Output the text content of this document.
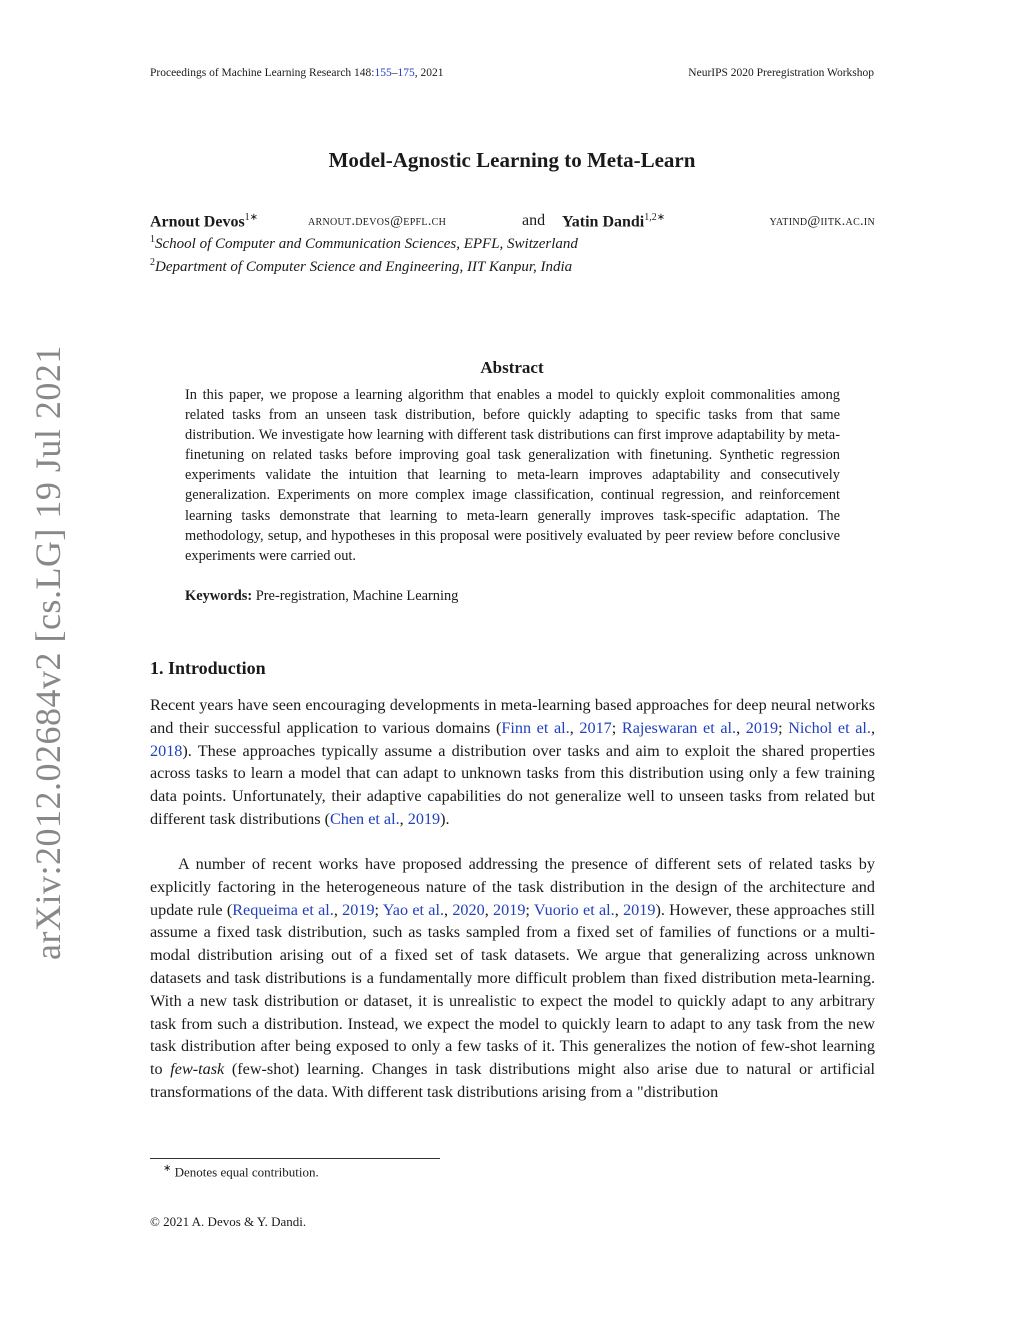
Proceedings of Machine Learning Research 148:155–175, 2021	NeurIPS 2020 Preregistration Workshop
arXiv:2012.02684v2 [cs.LG] 19 Jul 2021
Model-Agnostic Learning to Meta-Learn
Arnout Devos$^{1∗}$	arnout.devos@epfl.ch	and Yatin Dandi$^{1,2∗}$	yatind@iitk.ac.in
$^1$School of Computer and Communication Sciences, EPFL, Switzerland
$^2$Department of Computer Science and Engineering, IIT Kanpur, India
Abstract
In this paper, we propose a learning algorithm that enables a model to quickly exploit commonalities among related tasks from an unseen task distribution, before quickly adapting to specific tasks from that same distribution. We investigate how learning with different task distributions can first improve adaptability by meta-finetuning on related tasks before improving goal task generalization with finetuning. Synthetic regression experiments validate the intuition that learning to meta-learn improves adaptability and consecutively generalization. Experiments on more complex image classification, continual regression, and reinforcement learning tasks demonstrate that learning to meta-learn generally improves task-specific adaptation. The methodology, setup, and hypotheses in this proposal were positively evaluated by peer review before conclusive experiments were carried out.
Keywords: Pre-registration, Machine Learning
1. Introduction
Recent years have seen encouraging developments in meta-learning based approaches for deep neural networks and their successful application to various domains (Finn et al., 2017; Rajeswaran et al., 2019; Nichol et al., 2018). These approaches typically assume a distribution over tasks and aim to exploit the shared properties across tasks to learn a model that can adapt to unknown tasks from this distribution using only a few training data points. Unfortunately, their adaptive capabilities do not generalize well to unseen tasks from related but different task distributions (Chen et al., 2019).
A number of recent works have proposed addressing the presence of different sets of related tasks by explicitly factoring in the heterogeneous nature of the task distribution in the design of the architecture and update rule (Requeima et al., 2019; Yao et al., 2020, 2019; Vuorio et al., 2019). However, these approaches still assume a fixed task distribution, such as tasks sampled from a fixed set of families of functions or a multi-modal distribution arising out of a fixed set of task datasets. We argue that generalizing across unknown datasets and task distributions is a fundamentally more difficult problem than fixed distribution meta-learning. With a new task distribution or dataset, it is unrealistic to expect the model to quickly adapt to any arbitrary task from such a distribution. Instead, we expect the model to quickly learn to adapt to any task from the new task distribution after being exposed to only a few tasks of it. This generalizes the notion of few-shot learning to few-task (few-shot) learning. Changes in task distributions might also arise due to natural or artificial transformations of the data. With different task distributions arising from a "distribution
∗ Denotes equal contribution.
© 2021 A. Devos & Y. Dandi.
